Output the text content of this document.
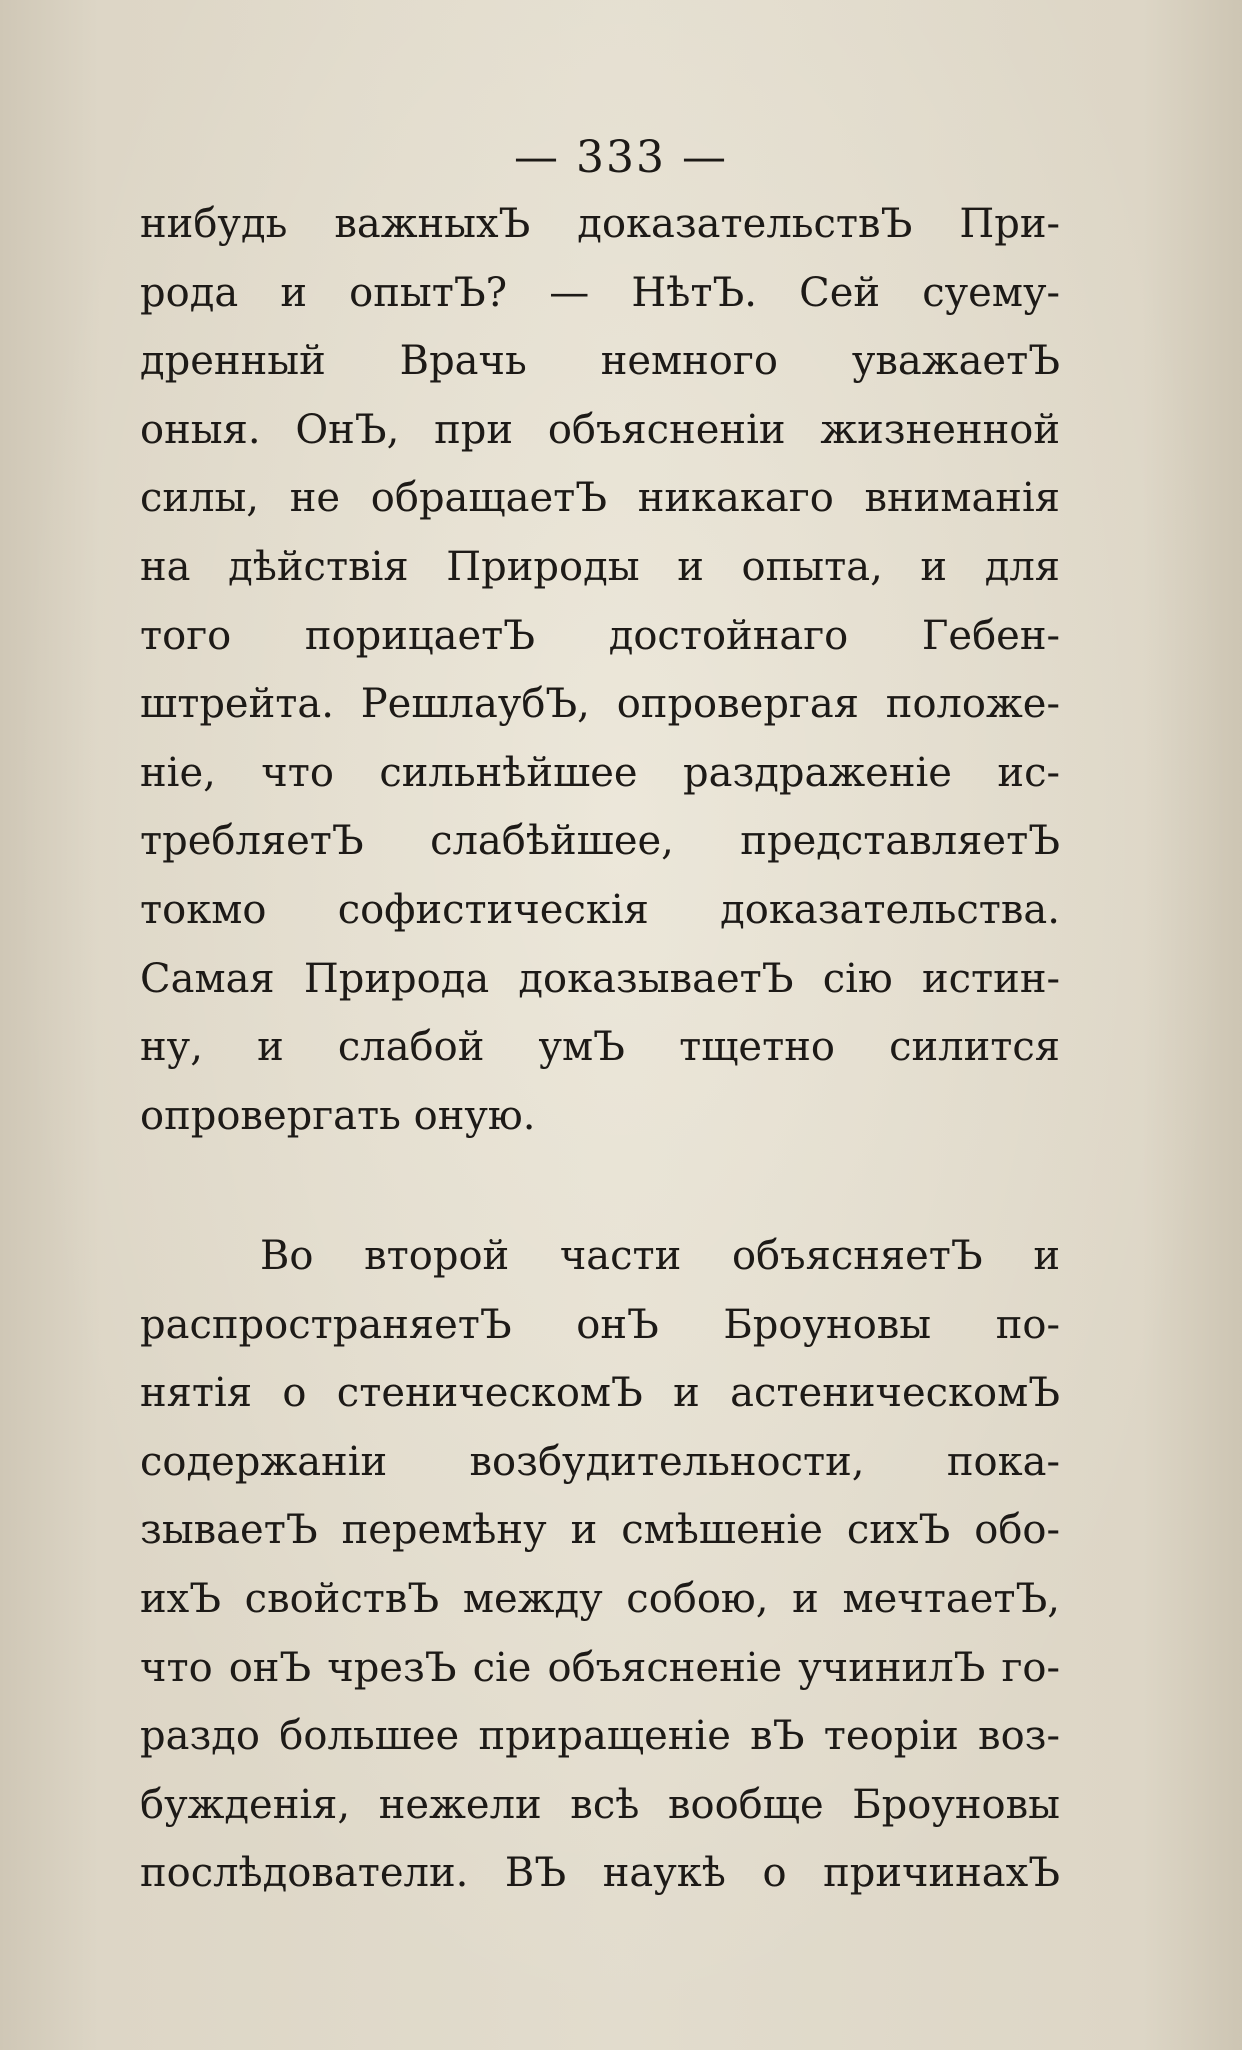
— 333 —
нибудь важныхЪ доказательствЪ При-
рода и опытЪ? — НѣтЪ. Сей суему-
дренный Врачь немного уважаетЪ
оныя. ОнЪ, при объясненіи жизненной
силы, не обращаетЪ никакаго вниманія
на дѣйствія Природы и опыта, и для
того порицаетЪ достойнаго Гебен-
штрейта. РешлаубЪ, опровергая положе-
ніе, что сильнѣйшее раздраженіе ис-
требляетЪ слабѣйшее, представляетЪ
токмо софистическія доказательства.
Самая Природа доказываетЪ сію истин-
ну, и слабой умЪ тщетно силится
опровергать оную.
Во второй части объясняетЪ и
распространяетЪ онЪ Броуновы по-
нятія о стеническомЪ и астеническомЪ
содержаніи возбудительности, пока-
зываетЪ перемѣну и смѣшеніе сихЪ обо-
ихЪ свойствЪ между собою, и мечтаетЪ,
что онЪ чрезЪ сіе объясненіе учинилЪ го-
раздо большее приращеніе вЪ теоріи воз-
бужденія, нежели всѣ вообще Броуновы
послѣдователи. ВЪ наукѣ о причинахЪ
